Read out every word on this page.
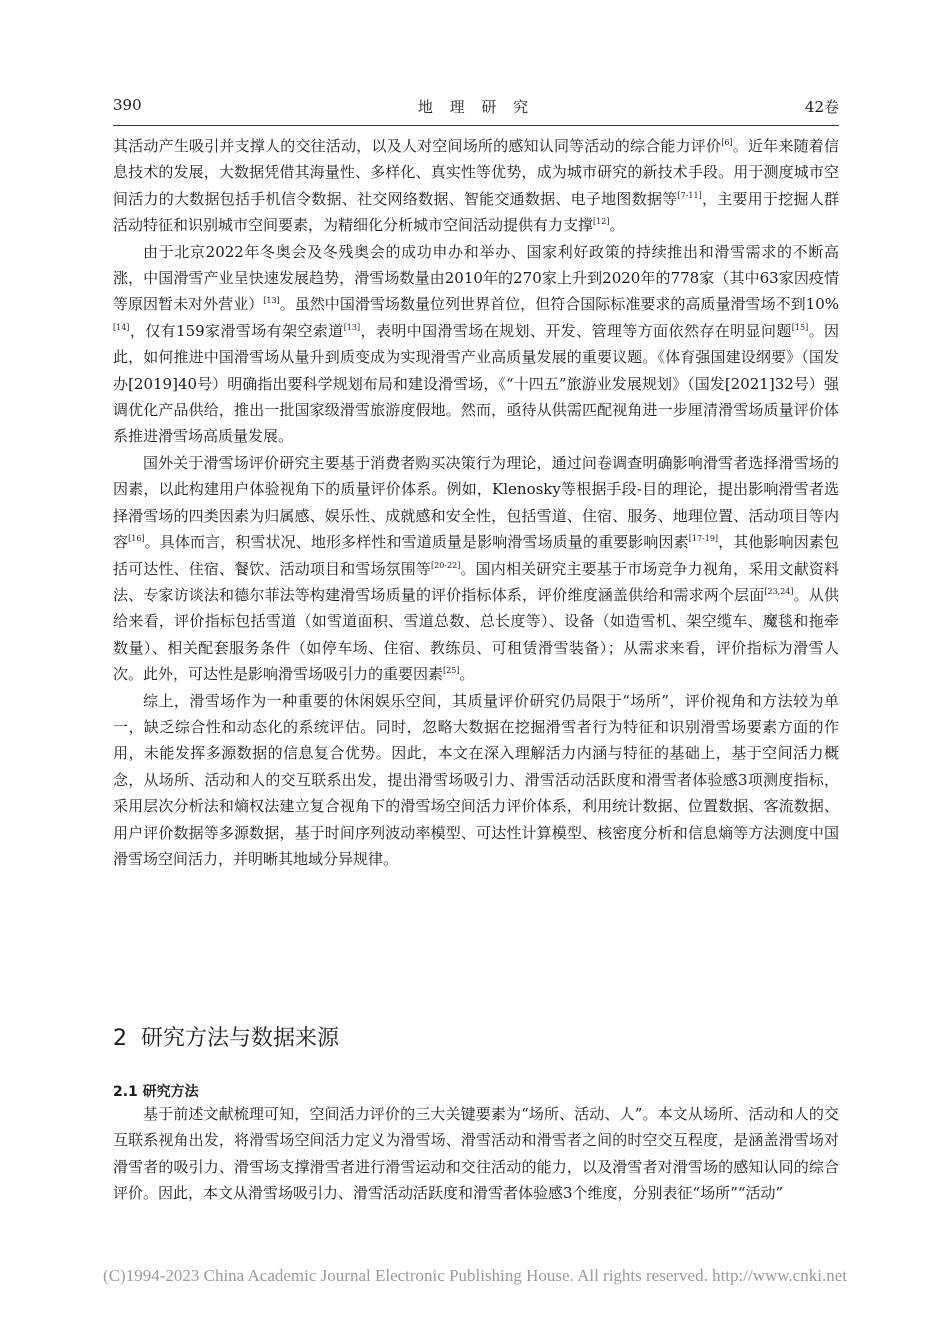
390	地 理 研 究	42卷

其活动产生吸引并支撑人的交往活动，以及人对空间场所的感知认同等活动的综合能力评价[6]。近年来随着信息技术的发展，大数据凭借其海量性、多样化、真实性等优势，成为城市研究的新技术手段。用于测度城市空间活力的大数据包括手机信令数据、社交网络数据、智能交通数据、电子地图数据等[7-11]，主要用于挖掘人群活动特征和识别城市空间要素，为精细化分析城市空间活动提供有力支撑[12]。

由于北京2022年冬奥会及冬残奥会的成功申办和举办、国家利好政策的持续推出和滑雪需求的不断高涨，中国滑雪产业呈快速发展趋势，滑雪场数量由2010年的270家上升到2020年的778家（其中63家因疫情等原因暂未对外营业）[13]。虽然中国滑雪场数量位列世界首位，但符合国际标准要求的高质量滑雪场不到10%[14]，仅有159家滑雪场有架空索道[13]，表明中国滑雪场在规划、开发、管理等方面依然存在明显问题[15]。因此，如何推进中国滑雪场从量升到质变成为实现滑雪产业高质量发展的重要议题。《体育强国建设纲要》（国发办[2019]40号）明确指出要科学规划布局和建设滑雪场，《“十四五”旅游业发展规划》（国发[2021]32号）强调优化产品供给，推出一批国家级滑雪旅游度假地。然而，亟待从供需匹配视角进一步厘清滑雪场质量评价体系推进滑雪场高质量发展。

国外关于滑雪场评价研究主要基于消费者购买决策行为理论，通过问卷调查明确影响滑雪者选择滑雪场的因素，以此构建用户体验视角下的质量评价体系。例如，Klenosky等根据手段-目的理论，提出影响滑雪者选择滑雪场的四类因素为归属感、娱乐性、成就感和安全性，包括雪道、住宿、服务、地理位置、活动项目等内容[16]。具体而言，积雪状况、地形多样性和雪道质量是影响滑雪场质量的重要影响因素[17-19]，其他影响因素包括可达性、住宿、餐饮、活动项目和雪场氛围等[20-22]。国内相关研究主要基于市场竞争力视角，采用文献资料法、专家访谈法和德尔菲法等构建滑雪场质量的评价指标体系，评价维度涵盖供给和需求两个层面[23,24]。从供给来看，评价指标包括雪道（如雪道面积、雪道总数、总长度等）、设备（如造雪机、架空缆车、魔毯和拖牵数量）、相关配套服务条件（如停车场、住宿、教练员、可租赁滑雪装备）；从需求来看，评价指标为滑雪人次。此外，可达性是影响滑雪场吸引力的重要因素[25]。

综上，滑雪场作为一种重要的休闲娱乐空间，其质量评价研究仍局限于“场所”，评价视角和方法较为单一，缺乏综合性和动态化的系统评估。同时，忽略大数据在挖掘滑雪者行为特征和识别滑雪场要素方面的作用，未能发挥多源数据的信息复合优势。因此，本文在深入理解活力内涵与特征的基础上，基于空间活力概念，从场所、活动和人的交互联系出发，提出滑雪场吸引力、滑雪活动活跃度和滑雪者体验感3项测度指标，采用层次分析法和熵权法建立复合视角下的滑雪场空间活力评价体系，利用统计数据、位置数据、客流数据、用户评价数据等多源数据，基于时间序列波动率模型、可达性计算模型、核密度分析和信息熵等方法测度中国滑雪场空间活力，并明晰其地域分异规律。

2 研究方法与数据来源
2.1 研究方法

基于前述文献梳理可知，空间活力评价的三大关键要素为“场所、活动、人”。本文从场所、活动和人的交互联系视角出发，将滑雪场空间活力定义为滑雪场、滑雪活动和滑雪者之间的时空交互程度，是涵盖滑雪场对滑雪者的吸引力、滑雪场支撑滑雪者进行滑雪运动和交往活动的能力，以及滑雪者对滑雪场的感知认同的综合评价。因此，本文从滑雪场吸引力、滑雪活动活跃度和滑雪者体验感3个维度，分别表征“场所”“活动”

(C)1994-2023 China Academic Journal Electronic Publishing House. All rights reserved. http://www.cnki.net
